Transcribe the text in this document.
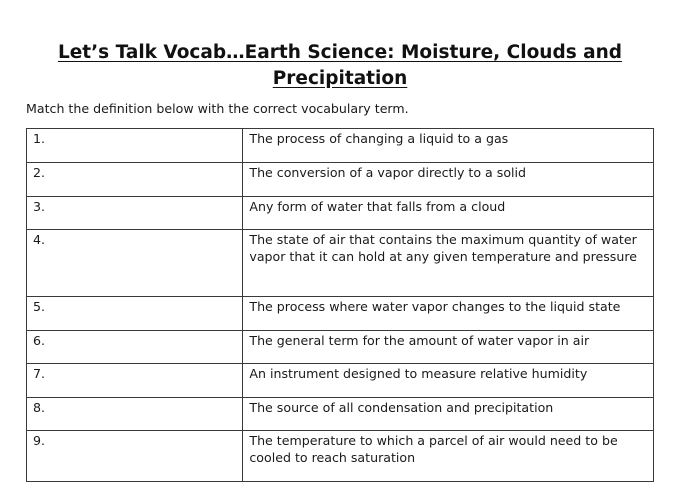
Let’s Talk Vocab…Earth Science: Moisture, Clouds and
Precipitation
Match the definition below with the correct vocabulary term.
1.	The process of changing a liquid to a gas
2.	The conversion of a vapor directly to a solid
3.	Any form of water that falls from a cloud
4.	The state of air that contains the maximum quantity of water vapor that it can hold at any given temperature and pressure
5.	The process where water vapor changes to the liquid state
6.	The general term for the amount of water vapor in air
7.	An instrument designed to measure relative humidity
8.	The source of all condensation and precipitation
9.	The temperature to which a parcel of air would need to be cooled to reach saturation
